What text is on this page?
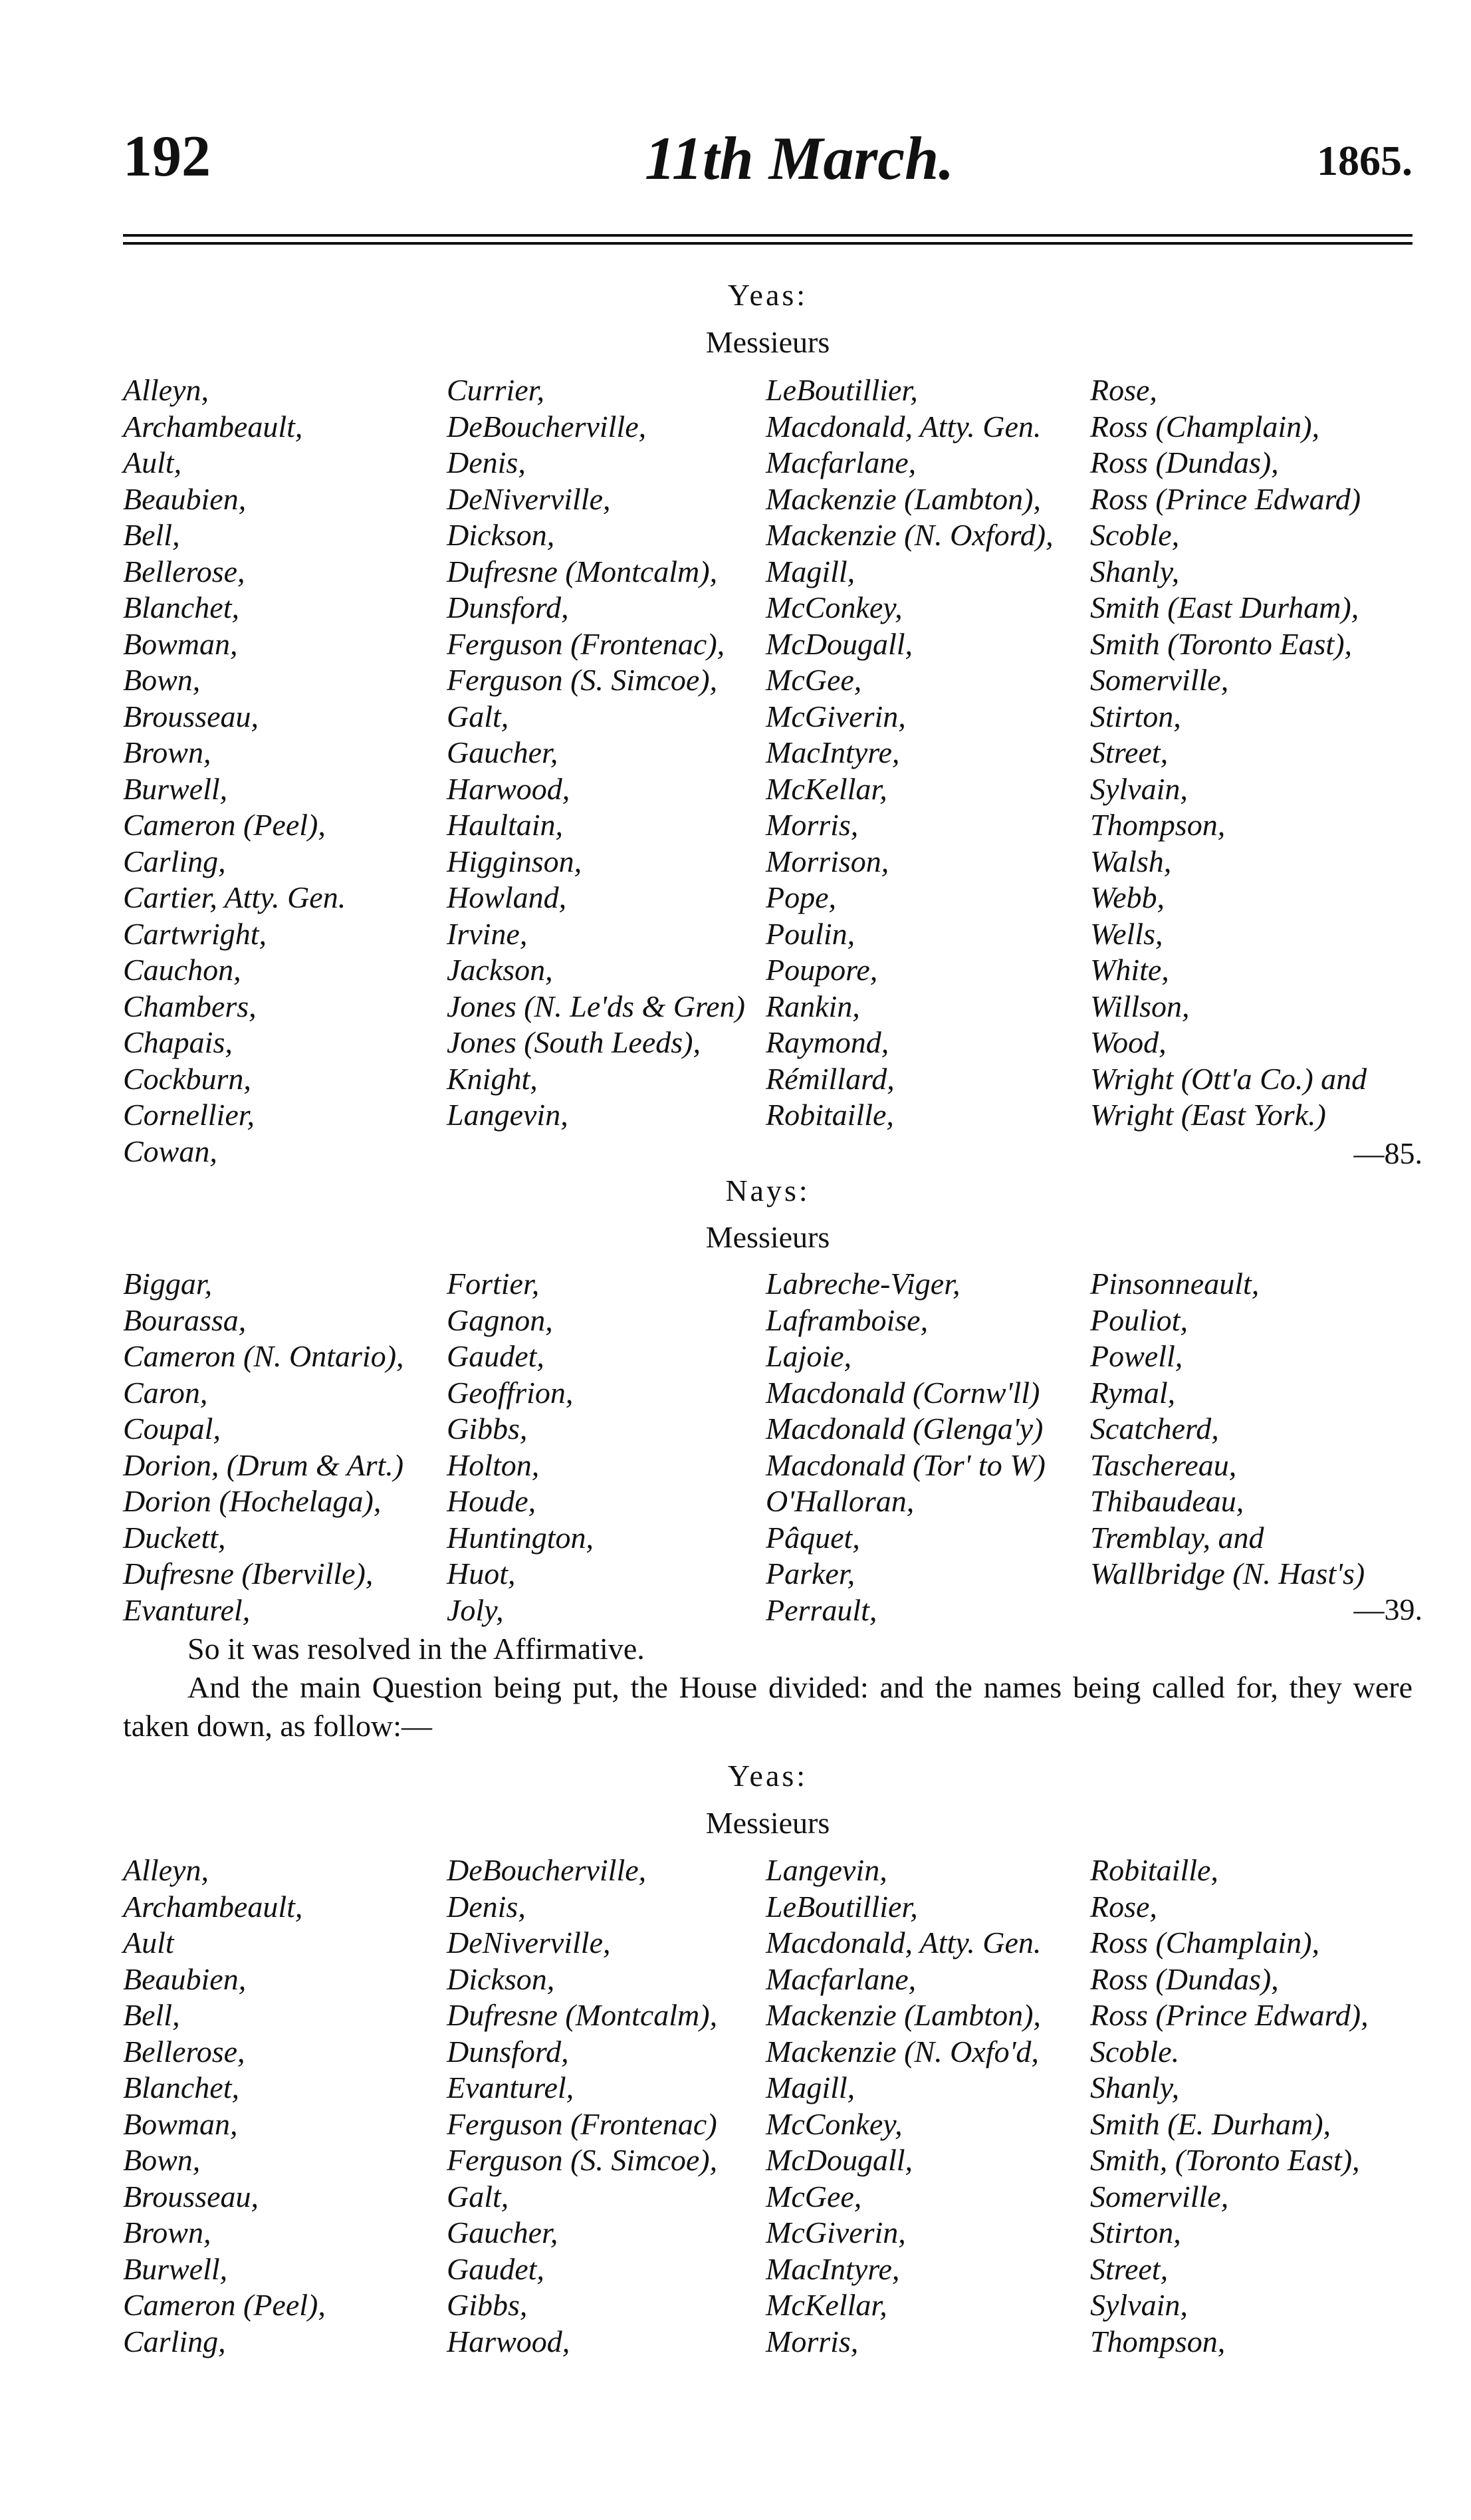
192	11th March.	1865.
Yeas:
Messieurs
Alleyn,
Archambeault,
Ault,
Beaubien,
Bell,
Bellerose,
Blanchet,
Bowman,
Bown,
Brousseau,
Brown,
Burwell,
Cameron (Peel),
Carling,
Cartier, Atty. Gen.
Cartwright,
Cauchon,
Chambers,
Chapais,
Cockburn,
Cornellier,
Cowan,
Currier,
DeBoucherville,
Denis,
DeNiverville,
Dickson,
Dufresne (Montcalm),
Dunsford,
Ferguson (Frontenac),
Ferguson (S. Simcoe),
Galt,
Gaucher,
Harwood,
Haultain,
Higginson,
Howland,
Irvine,
Jackson,
Jones (N. Le'ds & Gren)
Jones (South Leeds),
Knight,
Langevin,
LeBoutillier,
Macdonald, Atty. Gen.
Macfarlane,
Mackenzie (Lambton),
Mackenzie (N. Oxford),
Magill,
McConkey,
McDougall,
McGee,
McGiverin,
MacIntyre,
McKellar,
Morris,
Morrison,
Pope,
Poulin,
Poupore,
Rankin,
Raymond,
Rémillard,
Robitaille,
Rose,
Ross (Champlain),
Ross (Dundas),
Ross (Prince Edward)
Scoble,
Shanly,
Smith (East Durham),
Smith (Toronto East),
Somerville,
Stirton,
Street,
Sylvain,
Thompson,
Walsh,
Webb,
Wells,
White,
Willson,
Wood,
Wright (Ott'a Co.) and
Wright (East York.)
—85.
Nays:
Messieurs
Biggar,
Bourassa,
Cameron (N. Ontario),
Caron,
Coupal,
Dorion, (Drum & Art.)
Dorion (Hochelaga),
Duckett,
Dufresne (Iberville),
Evanturel,
Fortier,
Gagnon,
Gaudet,
Geoffrion,
Gibbs,
Holton,
Houde,
Huntington,
Huot,
Joly,
Labreche-Viger,
Laframboise,
Lajoie,
Macdonald (Cornw'll)
Macdonald (Glenga'y)
Macdonald (Tor' to W)
O'Halloran,
Pâquet,
Parker,
Perrault,
Pinsonneault,
Pouliot,
Powell,
Rymal,
Scatcherd,
Taschereau,
Thibaudeau,
Tremblay, and
Wallbridge (N. Hast's)
—39.
So it was resolved in the Affirmative.
And the main Question being put, the House divided: and the names being called for, they were taken down, as follow:—
Yeas:
Messieurs
Alleyn,
Archambeault,
Ault
Beaubien,
Bell,
Bellerose,
Blanchet,
Bowman,
Bown,
Brousseau,
Brown,
Burwell,
Cameron (Peel),
Carling,
DeBoucherville,
Denis,
DeNiverville,
Dickson,
Dufresne (Montcalm),
Dunsford,
Evanturel,
Ferguson (Frontenac)
Ferguson (S. Simcoe),
Galt,
Gaucher,
Gaudet,
Gibbs,
Harwood,
Langevin,
LeBoutillier,
Macdonald, Atty. Gen.
Macfarlane,
Mackenzie (Lambton),
Mackenzie (N. Oxfo'd,
Magill,
McConkey,
McDougall,
McGee,
McGiverin,
MacIntyre,
McKellar,
Morris,
Robitaille,
Rose,
Ross (Champlain),
Ross (Dundas),
Ross (Prince Edward),
Scoble.
Shanly,
Smith (E. Durham),
Smith, (Toronto East),
Somerville,
Stirton,
Street,
Sylvain,
Thompson,
